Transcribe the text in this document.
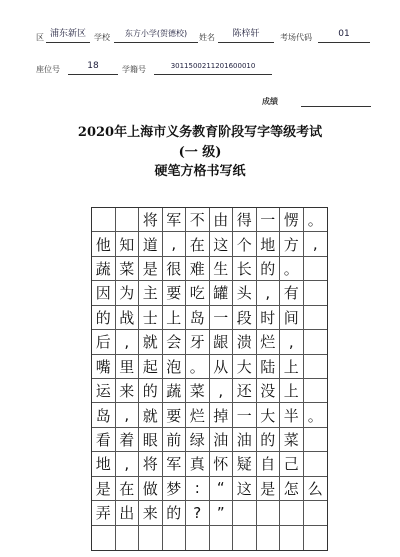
区 浦东新区	学校	东方小学(贺德校)	姓名	陈梓轩	考场代码	01
座位号	18	学籍号	3011500211201600010
成绩
2020年上海市义务教育阶段写字等级考试
(一 级)
硬笔方格书写纸
将 军 不 由 得 一 愣 。
他 知 道 , 在 这 个 地 方 ,
蔬 菜 是 很 难 生 长 的 。
因 为 主 要 吃 罐 头 , 有
的 战 士 上 岛 一 段 时 间
后 , 就 会 牙 龈 溃 烂 ,
嘴 里 起 泡 。 从 大 陆 上
运 来 的 蔬 菜 , 还 没 上
岛 , 就 要 烂 掉 一 大 半 。
看 着 眼 前 绿 油 油 的 菜
地 , 将 军 真 怀 疑 自 己
是 在 做 梦 :	“ 这 是 怎 么
弄 出 来 的 ?	”
